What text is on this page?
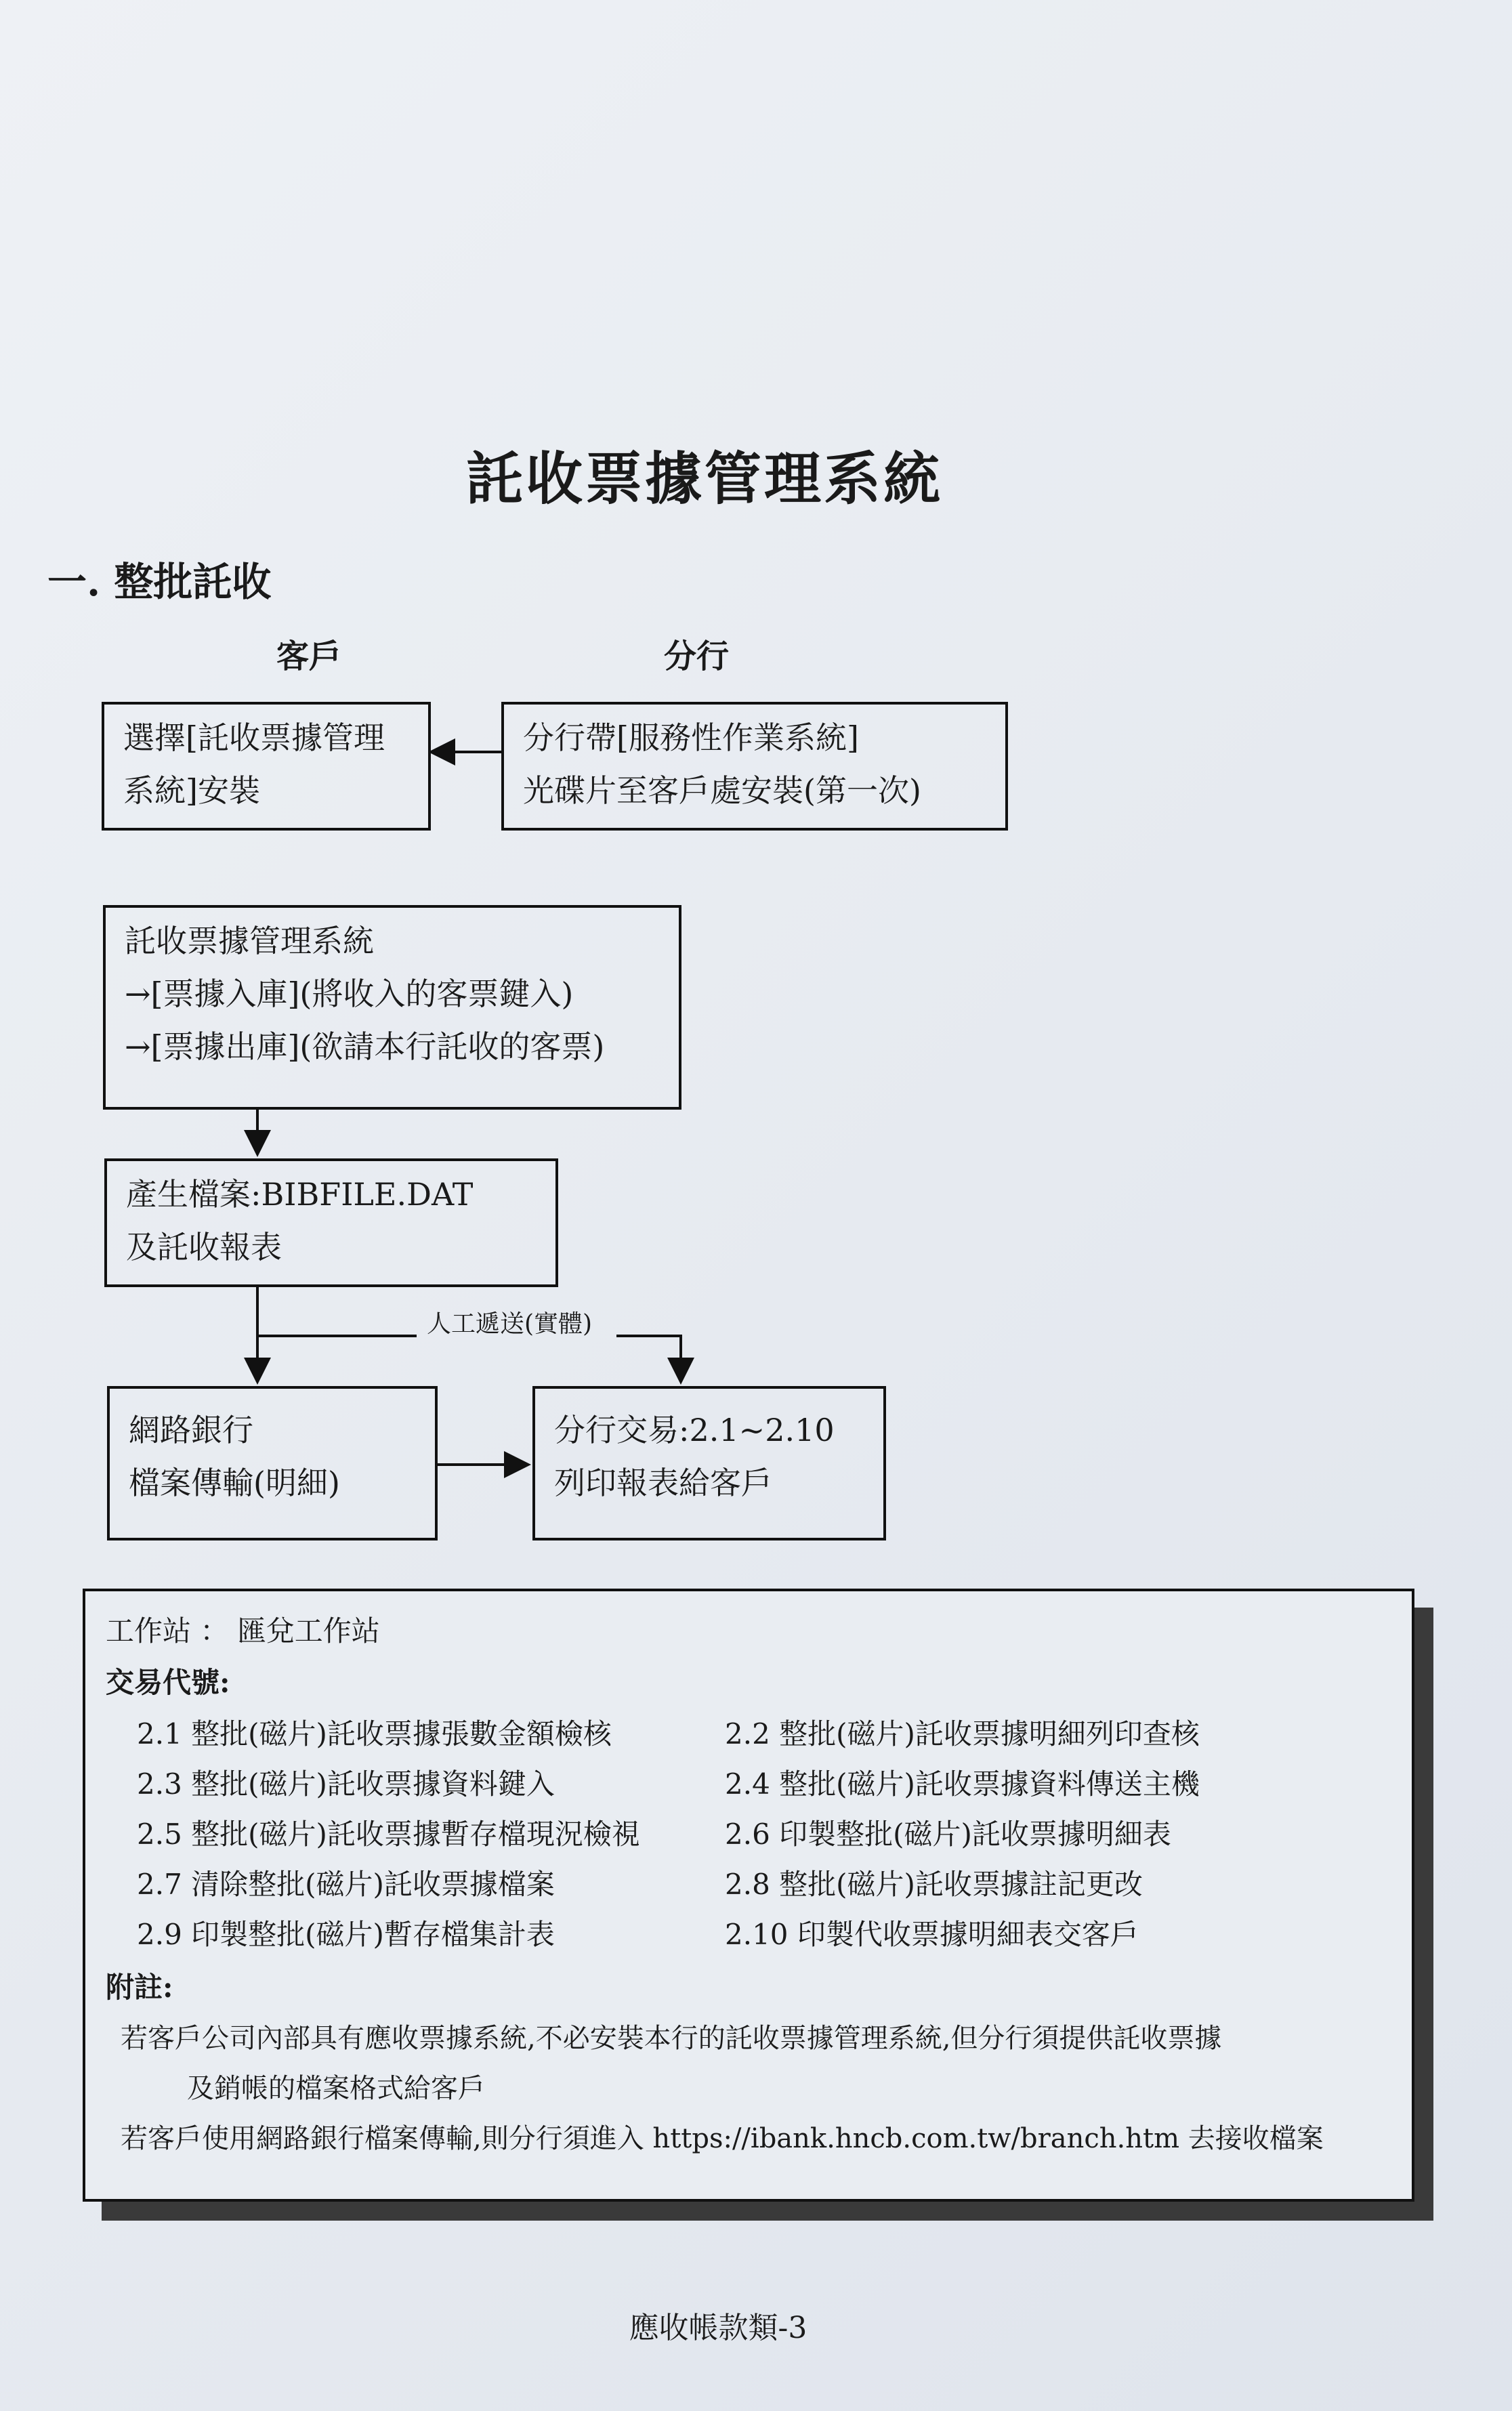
託收票據管理系統
一. 整批託收
客戶	分行
選擇[託收票據管理
系統]安裝
分行帶[服務性作業系統]
光碟片至客戶處安裝(第一次)
託收票據管理系統
→[票據入庫](將收入的客票鍵入)
→[票據出庫](欲請本行託收的客票)
產生檔案:BIBFILE.DAT
及託收報表
人工遞送(實體)
網路銀行
檔案傳輸(明細)
分行交易:2.1~2.10
列印報表給客戶
工作站 ： 匯兌工作站
交易代號:
2.1 整批(磁片)託收票據張數金額檢核	2.2 整批(磁片)託收票據明細列印查核
2.3 整批(磁片)託收票據資料鍵入	2.4 整批(磁片)託收票據資料傳送主機
2.5 整批(磁片)託收票據暫存檔現況檢視	2.6 印製整批(磁片)託收票據明細表
2.7 清除整批(磁片)託收票據檔案	2.8 整批(磁片)託收票據註記更改
2.9 印製整批(磁片)暫存檔集計表	2.10 印製代收票據明細表交客戶
附註:
若客戶公司內部具有應收票據系統,不必安裝本行的託收票據管理系統,但分行須提供託收票據
及銷帳的檔案格式給客戶
若客戶使用網路銀行檔案傳輸,則分行須進入 https://ibank.hncb.com.tw/branch.htm 去接收檔案
應收帳款類-3
